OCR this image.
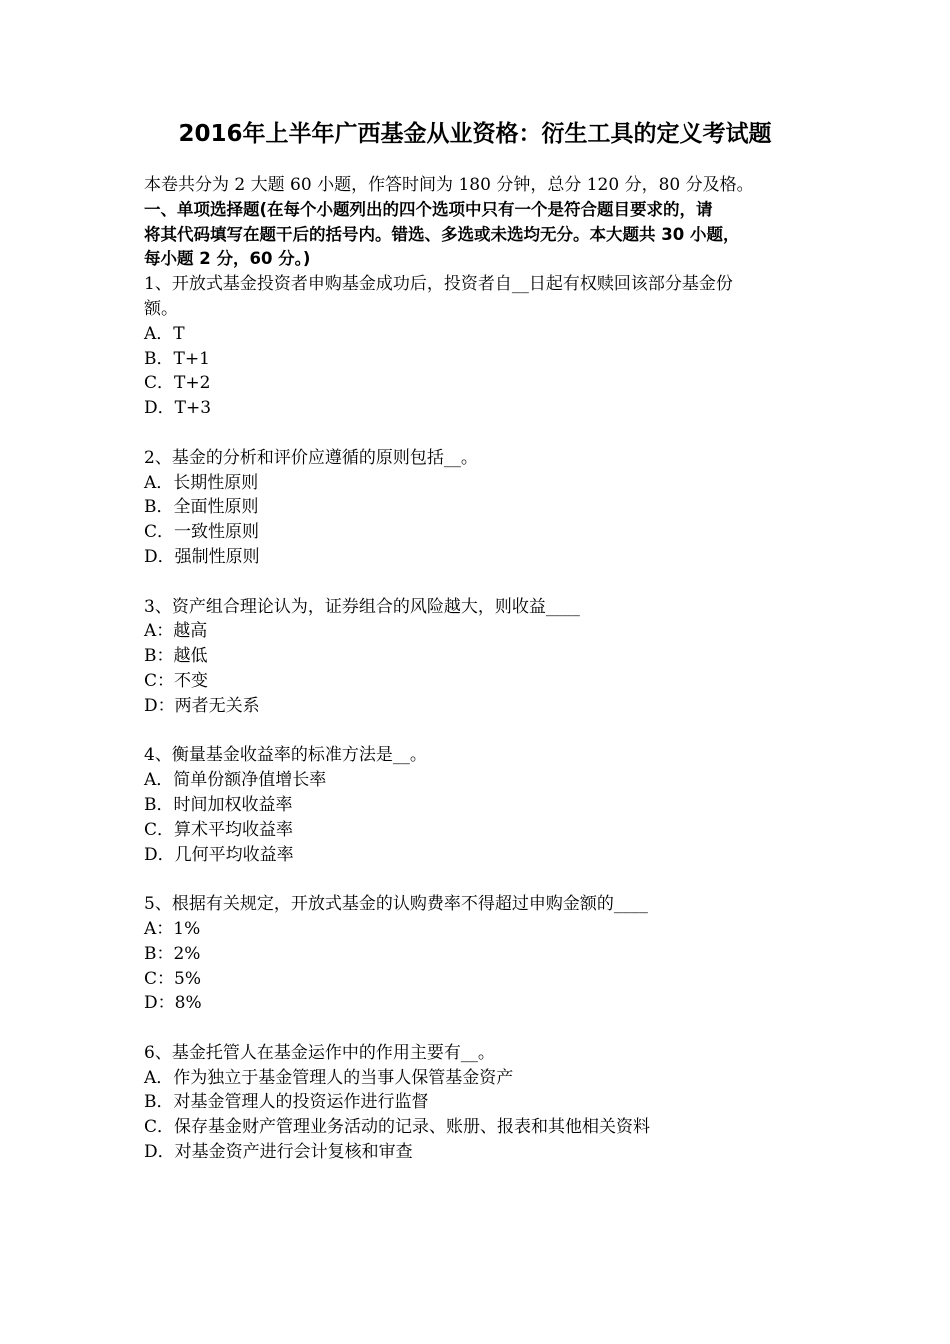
2016年上半年广西基金从业资格：衍生工具的定义考试题
本卷共分为 2 大题 60 小题，作答时间为 180 分钟，总分 120 分，80 分及格。
一、单项选择题(在每个小题列出的四个选项中只有一个是符合题目要求的，请
将其代码填写在题干后的括号内。错选、多选或未选均无分。本大题共 30 小题，
每小题 2 分，60 分。)
1、开放式基金投资者申购基金成功后，投资者自__日起有权赎回该部分基金份
额。
A．T
B．T+1
C．T+2
D．T+3
2、基金的分析和评价应遵循的原则包括__。
A．长期性原则
B．全面性原则
C．一致性原则
D．强制性原则
3、资产组合理论认为，证券组合的风险越大，则收益____
A：越高
B：越低
C：不变
D：两者无关系
4、衡量基金收益率的标准方法是__。
A．简单份额净值增长率
B．时间加权收益率
C．算术平均收益率
D．几何平均收益率
5、根据有关规定，开放式基金的认购费率不得超过申购金额的____
A：1%
B：2%
C：5%
D：8%
6、基金托管人在基金运作中的作用主要有__。
A．作为独立于基金管理人的当事人保管基金资产
B．对基金管理人的投资运作进行监督
C．保存基金财产管理业务活动的记录、账册、报表和其他相关资料
D．对基金资产进行会计复核和审查
